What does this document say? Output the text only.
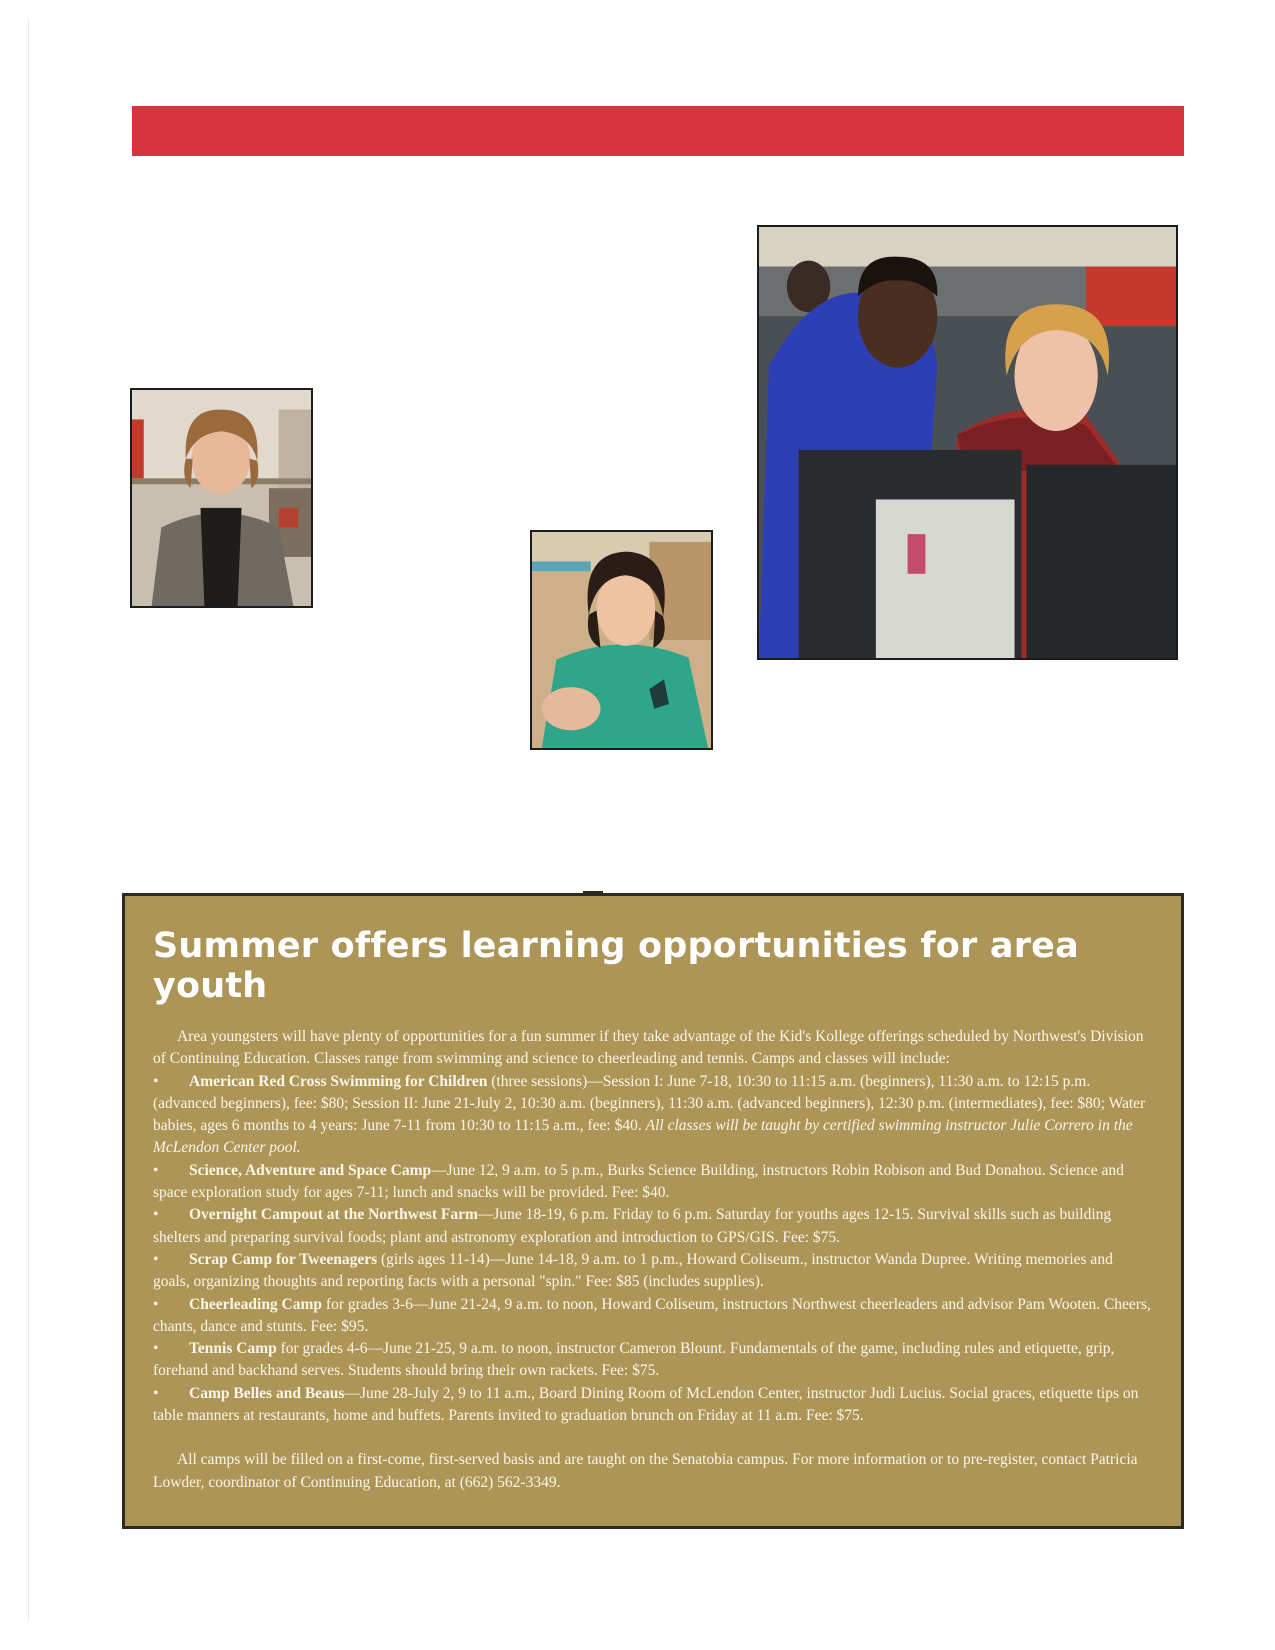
Summer offers learning opportunities for area youth

Area youngsters will have plenty of opportunities for a fun summer if they take advantage of the Kid's Kollege offerings scheduled by Northwest's Division of Continuing Education. Classes range from swimming and science to cheerleading and tennis. Camps and classes will include:

• American Red Cross Swimming for Children (three sessions)—Session I: June 7-18, 10:30 to 11:15 a.m. (beginners), 11:30 a.m. to 12:15 p.m. (advanced beginners), fee: $80; Session II: June 21-July 2, 10:30 a.m. (beginners), 11:30 a.m. (advanced beginners), 12:30 p.m. (intermediates), fee: $80; Water babies, ages 6 months to 4 years: June 7-11 from 10:30 to 11:15 a.m., fee: $40. All classes will be taught by certified swimming instructor Julie Correro in the McLendon Center pool.

• Science, Adventure and Space Camp—June 12, 9 a.m. to 5 p.m., Burks Science Building, instructors Robin Robison and Bud Donahou. Science and space exploration study for ages 7-11; lunch and snacks will be provided. Fee: $40.

• Overnight Campout at the Northwest Farm—June 18-19, 6 p.m. Friday to 6 p.m. Saturday for youths ages 12-15. Survival skills such as building shelters and preparing survival foods; plant and astronomy exploration and introduction to GPS/GIS. Fee: $75.

• Scrap Camp for Tweenagers (girls ages 11-14)—June 14-18, 9 a.m. to 1 p.m., Howard Coliseum., instructor Wanda Dupree. Writing memories and goals, organizing thoughts and reporting facts with a personal "spin." Fee: $85 (includes supplies).

• Cheerleading Camp for grades 3-6—June 21-24, 9 a.m. to noon, Howard Coliseum, instructors Northwest cheerleaders and advisor Pam Wooten. Cheers, chants, dance and stunts. Fee: $95.

• Tennis Camp for grades 4-6—June 21-25, 9 a.m. to noon, instructor Cameron Blount. Fundamentals of the game, including rules and etiquette, grip, forehand and backhand serves. Students should bring their own rackets. Fee: $75.

• Camp Belles and Beaus—June 28-July 2, 9 to 11 a.m., Board Dining Room of McLendon Center, instructor Judi Lucius. Social graces, etiquette tips on table manners at restaurants, home and buffets. Parents invited to graduation brunch on Friday at 11 a.m. Fee: $75.

All camps will be filled on a first-come, first-served basis and are taught on the Senatobia campus. For more information or to pre-register, contact Patricia Lowder, coordinator of Continuing Education, at (662) 562-3349.
